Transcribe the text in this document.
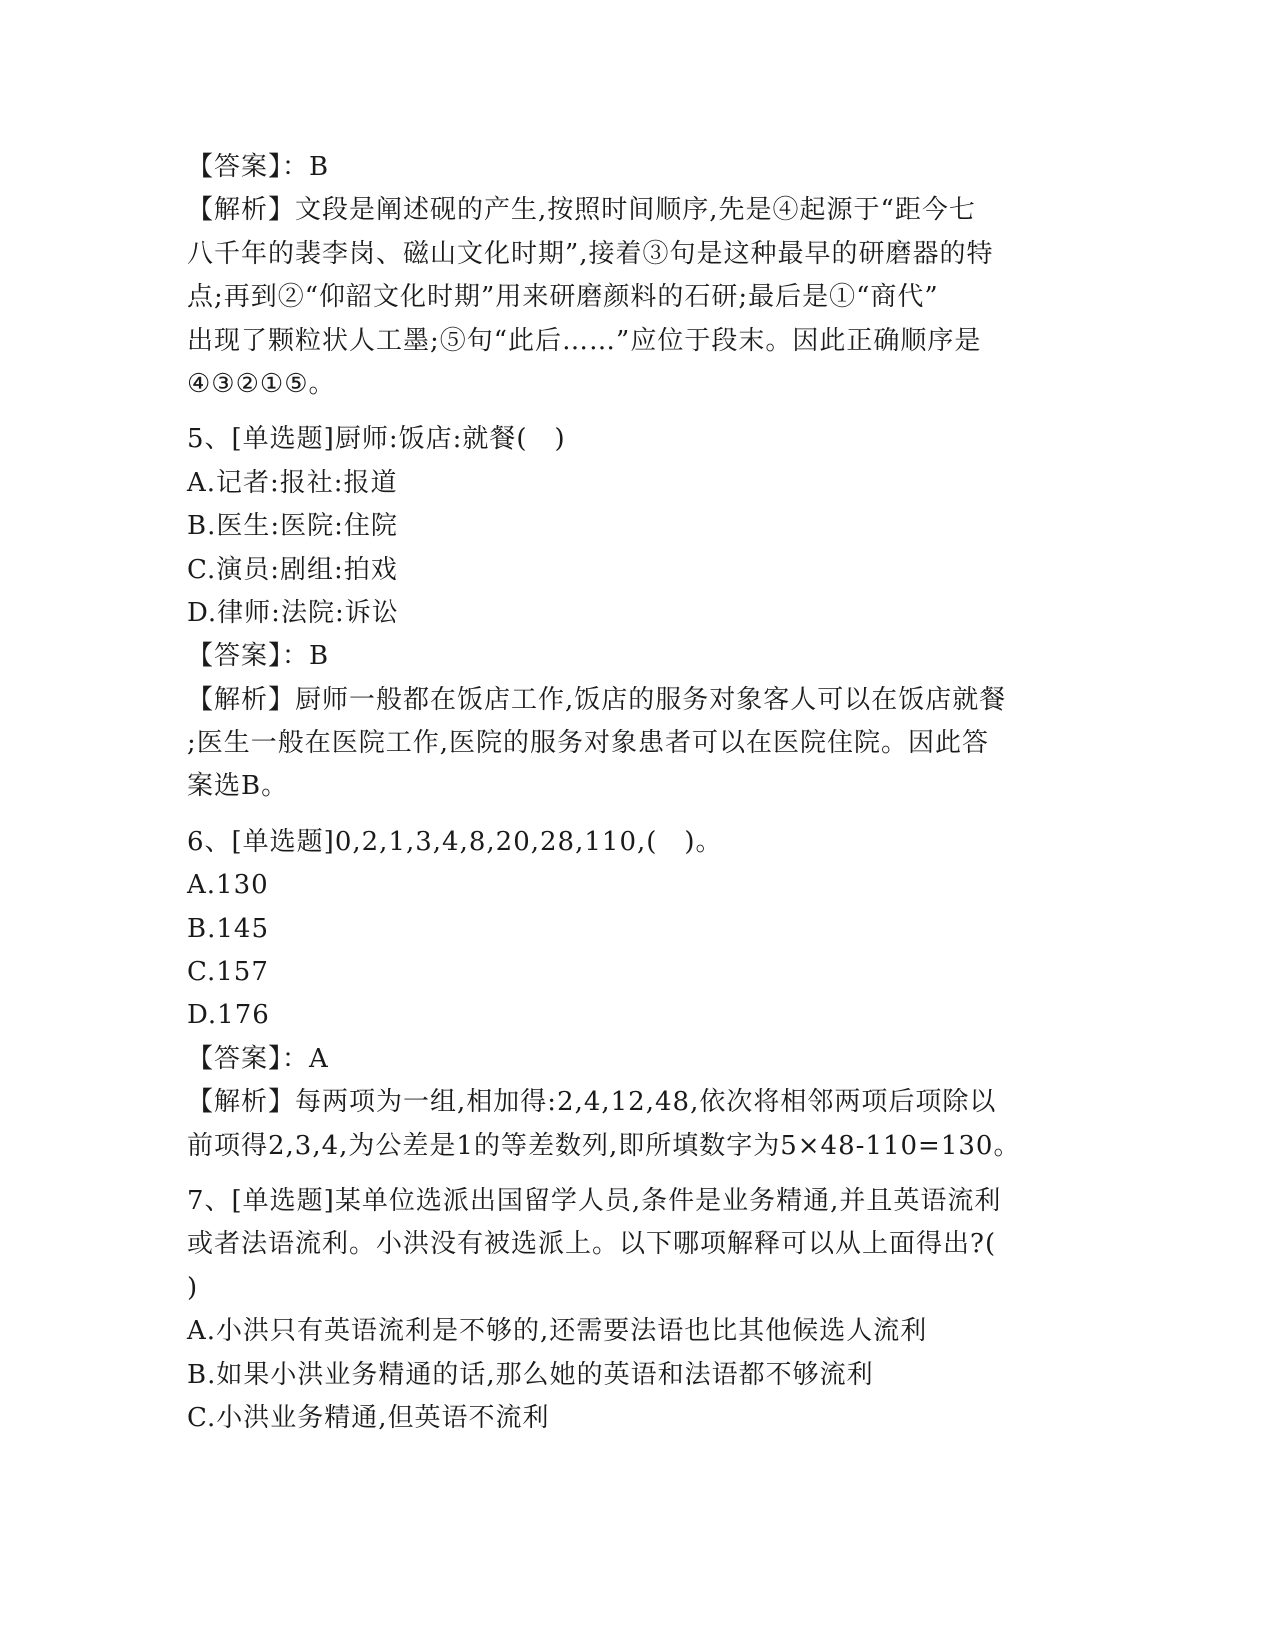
【答案】：B
【解析】文段是阐述砚的产生,按照时间顺序,先是④起源于“距今七
八千年的裴李岗、磁山文化时期”,接着③句是这种最早的研磨器的特
点;再到②“仰韶文化时期”用来研磨颜料的石研;最后是①“商代”
出现了颗粒状人工墨;⑤句“此后……”应位于段末。因此正确顺序是
④③②①⑤。
5、[单选题]厨师:饭店:就餐(　)
A.记者:报社:报道
B.医生:医院:住院
C.演员:剧组:拍戏
D.律师:法院:诉讼
【答案】：B
【解析】厨师一般都在饭店工作,饭店的服务对象客人可以在饭店就餐
;医生一般在医院工作,医院的服务对象患者可以在医院住院。因此答
案选B。
6、[单选题]0,2,1,3,4,8,20,28,110,(　)。
A.130
B.145
C.157
D.176
【答案】：A
【解析】每两项为一组,相加得:2,4,12,48,依次将相邻两项后项除以
前项得2,3,4,为公差是1的等差数列,即所填数字为5×48-110=130。
7、[单选题]某单位选派出国留学人员,条件是业务精通,并且英语流利
或者法语流利。小洪没有被选派上。以下哪项解释可以从上面得出?(
)
A.小洪只有英语流利是不够的,还需要法语也比其他候选人流利
B.如果小洪业务精通的话,那么她的英语和法语都不够流利
C.小洪业务精通,但英语不流利
